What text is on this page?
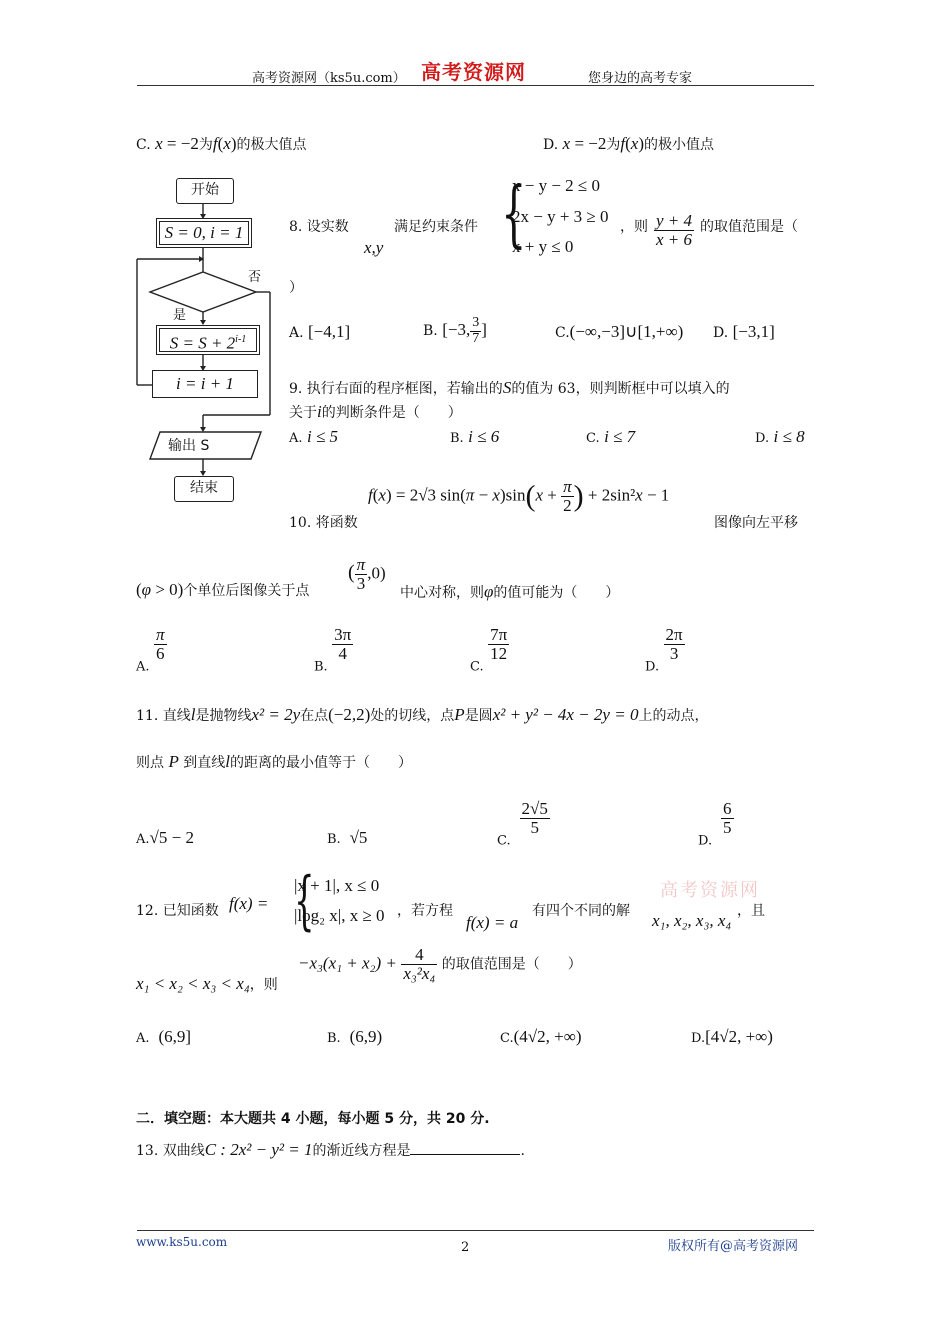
高考资源网（ks5u.com） 高考资源网	您身边的高考专家
C. x = −2为f(x)的极大值点	D. x = −2为f(x)的极小值点
开始
S = 0, i = 1
否
是
$S = S + 2^{i-1}$
i = i + 1
输出 S
结束
8. 设实数
x,y
满足约束条件 {
x − y − 2 ≤ 0
2x − y + 3 ≥ 0
x + y ≤ 0
，则 $\frac{y + 4}{x + 6}$ 的取值范围是（
）
A. [−4,1]	B. [−3, $\frac{3}{7}$ ]	C.(−∞,−3]∪[1,+∞) D. [−3,1]
9. 执行右面的程序框图，若输出的S的值为 63，则判断框中可以填入的
关于i的判断条件是（　　）
A. i ≤ 5	B. i ≤ 6	C. i ≤ 7	D. i ≤ 8
f(x) = 2√3 $\sin(\pi - x)\sin(x + \frac{\pi}{2}$ ) + 2sin²x − 1
10. 将函数	图像向左平移
(φ > 0)个单位后图像关于点
( $\frac{\pi}{3} ,0$)
中心对称，则φ的值可能为（　　）
A.
$\frac{\pi}{6}$
B.
$\frac{3\pi}{4}$
C.
$\frac{7\pi}{12}$
D.
$\frac{2\pi}{3}$
11. 直线l是抛物线x² = 2y在点(−2,2)处的切线，点P是圆x² + y² − 4x − 2y = 0上的动点，
则点 P 到直线l的距离的最小值等于（　　）
A.√5 − 2	B. √5	C.
$\frac{2√5}{5}$
D.
$\frac{6}{5}$
12. 已知函数 f(x) = {
|x + 1|, x ≤ 0
|log₂ x|, x ≥ 0 ，若方程
f(x) = a
有四个不同的解 x₁, x₂, x₃, x₄ ，且
高考资源网
x₁ < x₂ < x₃ < x₄，则
$-x_3(x_1 + x_2) + \frac{4}{\text{x₃²x₄}}$ 的取值范围是（　　）
A. (6,9]	B. (6,9)	C.(4√2, +∞)	D.[4√2, +∞)
二．填空题：本大题共 4 小题，每小题 5 分，共 20 分.
13. 双曲线C : 2x² − y² = 1的渐近线方程是	.
www.ks5u.com	2	版权所有@高考资源网
